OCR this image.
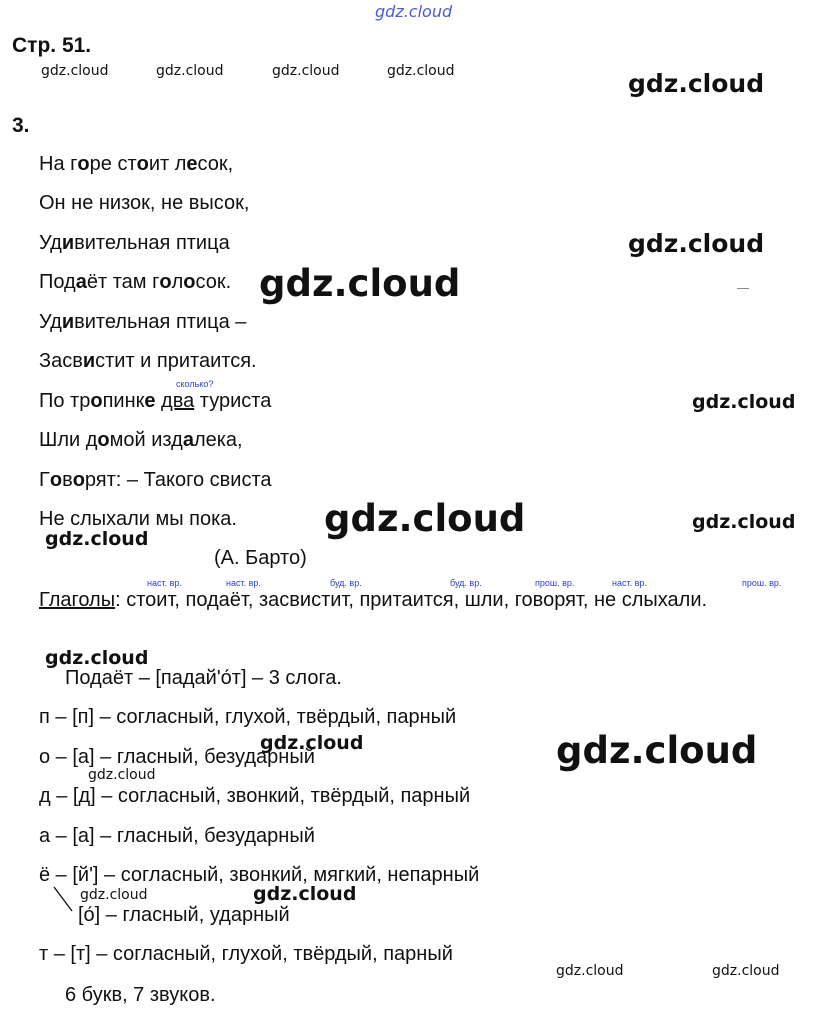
gdz.cloud
Стр. 51.
gdz.cloud	gdz.cloud	gdz.cloud	gdz.cloud	gdz.cloud
3.
На горе стоит лесок,
Он не низок, не высок,
Удивительная птица	gdz.cloud
Подаёт там голосок. gdz.cloud
Удивительная птица –
Засвистит и притаится.
сколько?
По тропинке два туриста	gdz.cloud
Шли домой издалека,
Говорят: – Такого свиста
Не слыхали мы пока. gdz.cloud	gdz.cloud
gdz.cloud
(А. Барто)
наст. вр.	наст. вр.	буд. вр.	буд. вр.	прош. вр.	наст. вр.	прош. вр.
Глаголы: стоит, подаёт, засвистит, притаится, шли, говорят, не слыхали.
gdz.cloud
Подаёт – [падай'о́т] – 3 слога.
п – [п] – согласный, глухой, твёрдый, парный
gdz.cloud	gdz.cloud
о – [а] – гласный, безударный
gdz.cloud
д – [д] – согласный, звонкий, твёрдый, парный
а – [а] – гласный, безударный
ё – [й'] – согласный, звонкий, мягкий, непарный
gdz.cloud	gdz.cloud
[о́] – гласный, ударный
т – [т] – согласный, глухой, твёрдый, парный
gdz.cloud	gdz.cloud
6 букв, 7 звуков.
